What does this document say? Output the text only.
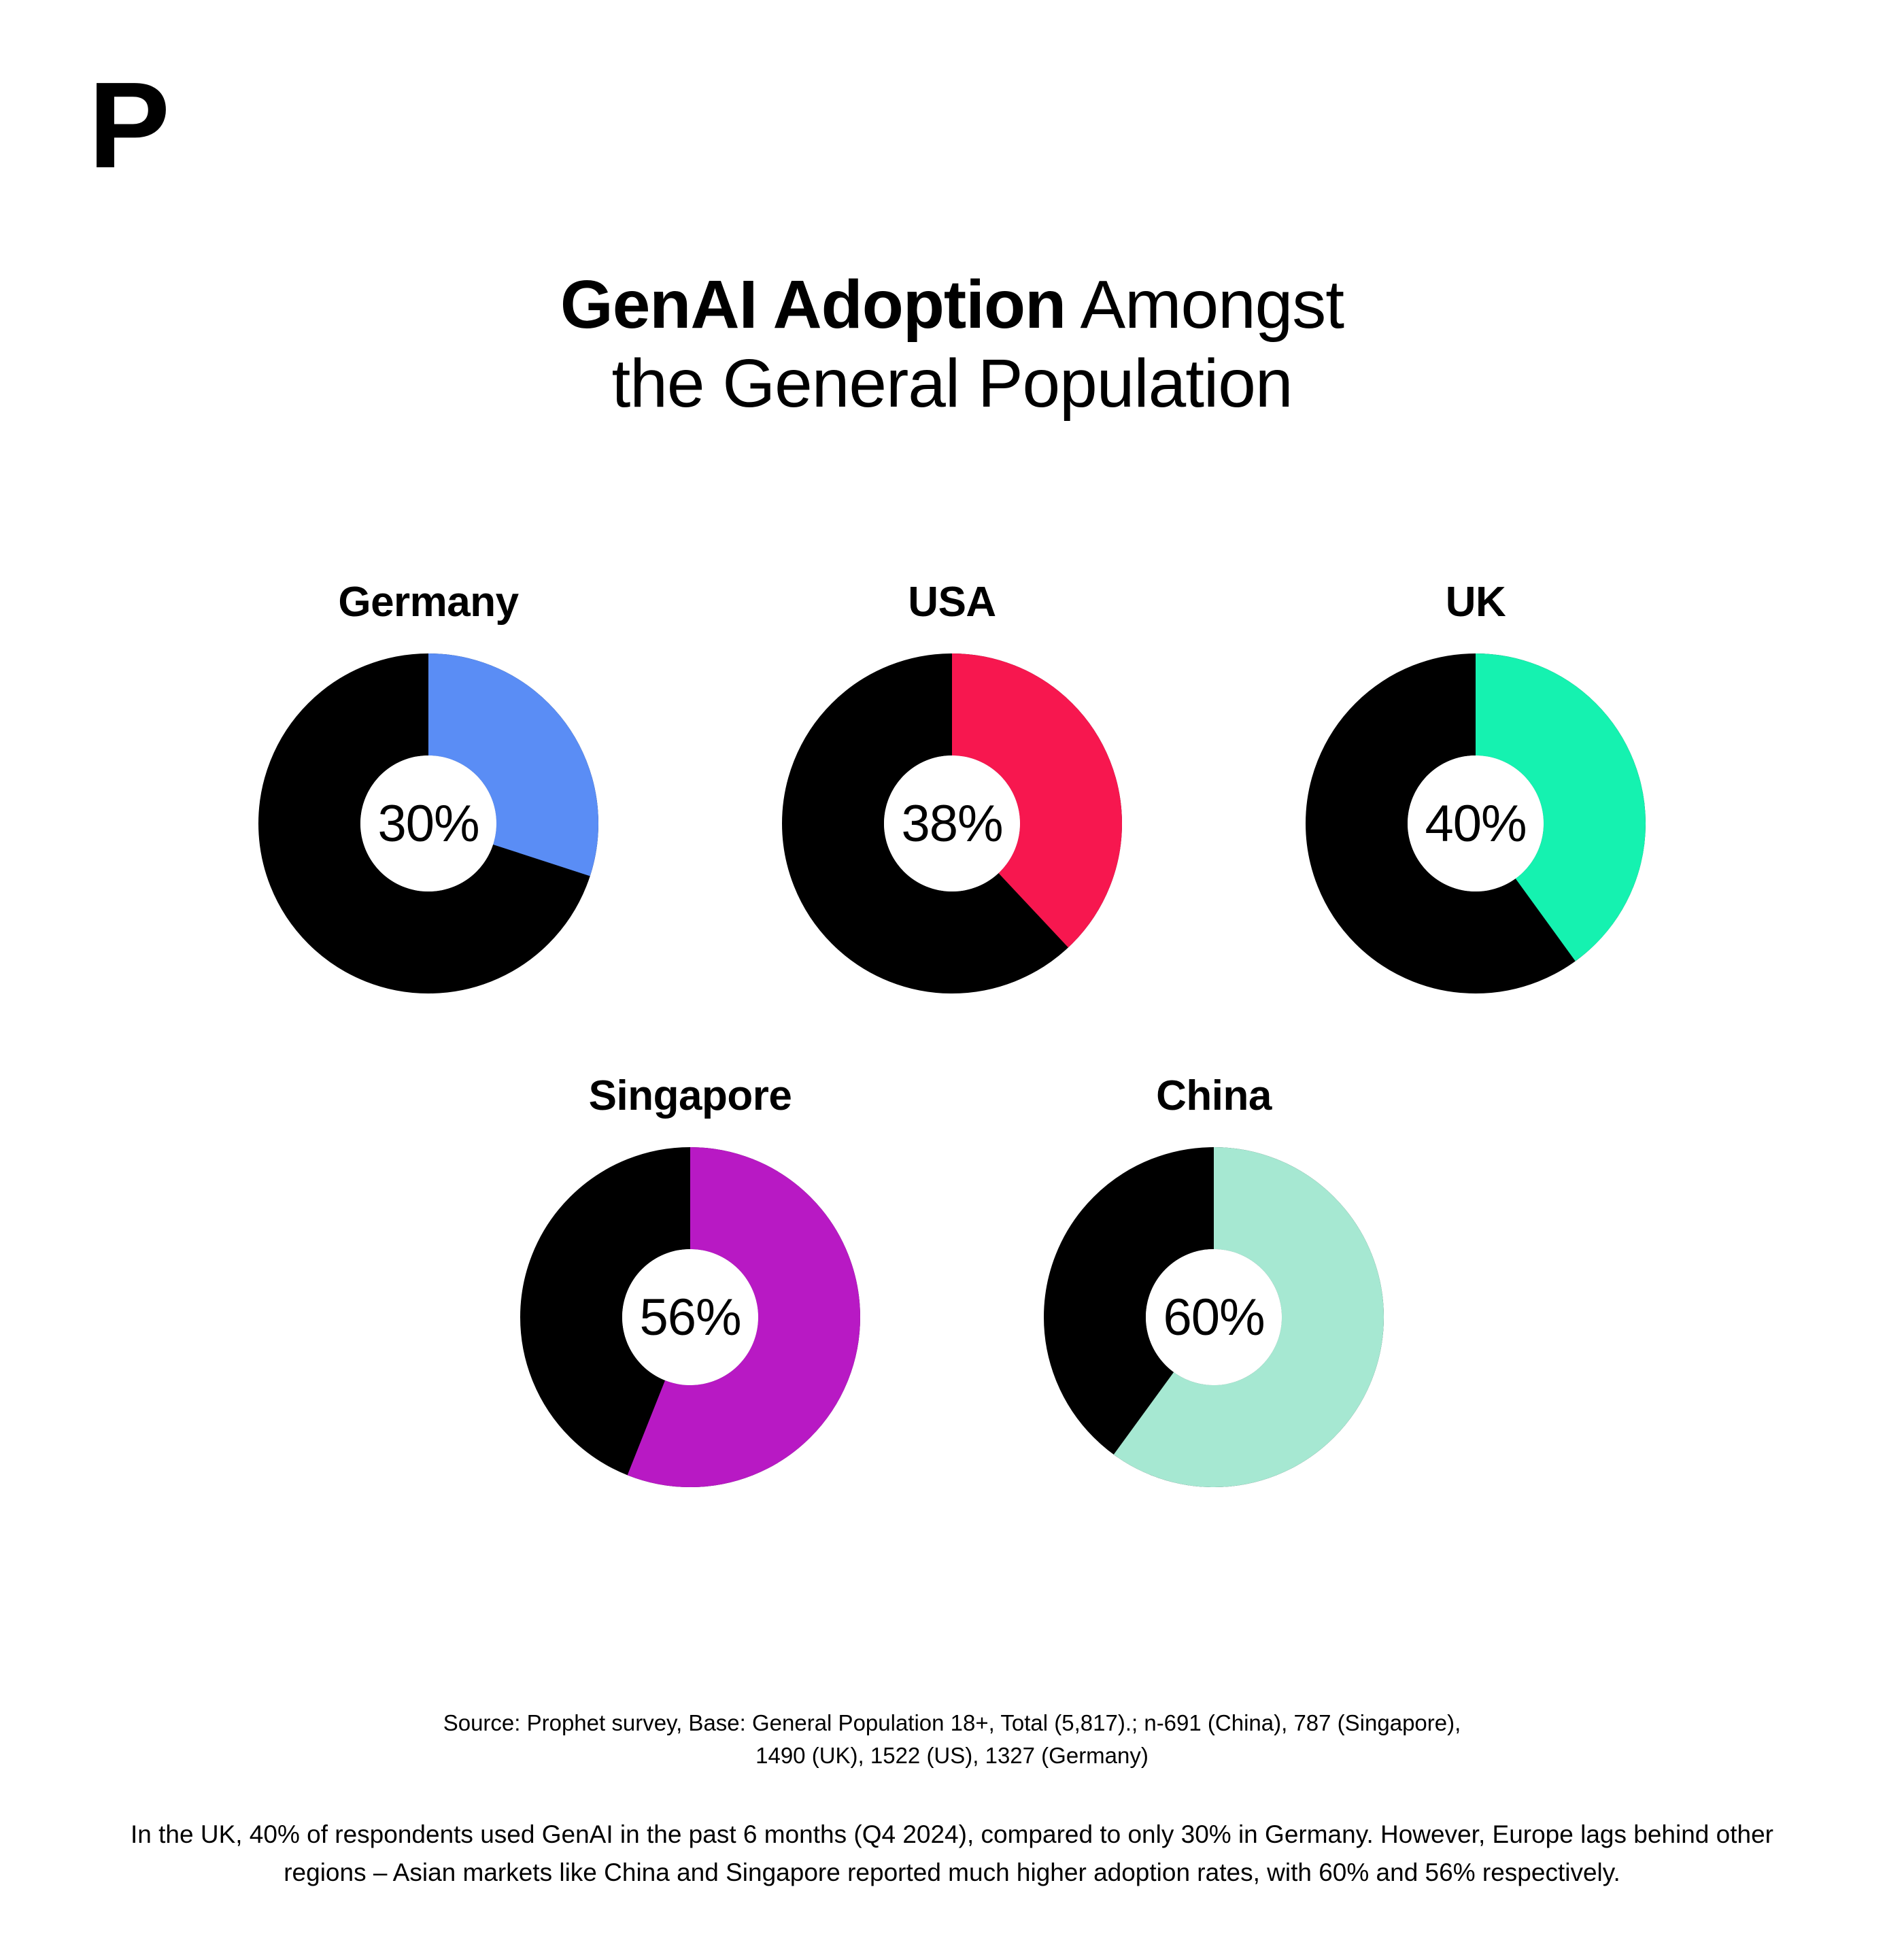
P
GenAI Adoption Amongst
the General Population
Germany
30%
USA
38%
UK
40%
Singapore
56%
China
60%
Source: Prophet survey, Base: General Population 18+, Total (5,817).; n-691 (China), 787 (Singapore), 1490 (UK), 1522 (US), 1327 (Germany)
In the UK, 40% of respondents used GenAI in the past 6 months (Q4 2024), compared to only 30% in Germany. However, Europe lags behind other regions – Asian markets like China and Singapore reported much higher adoption rates, with 60% and 56% respectively.
